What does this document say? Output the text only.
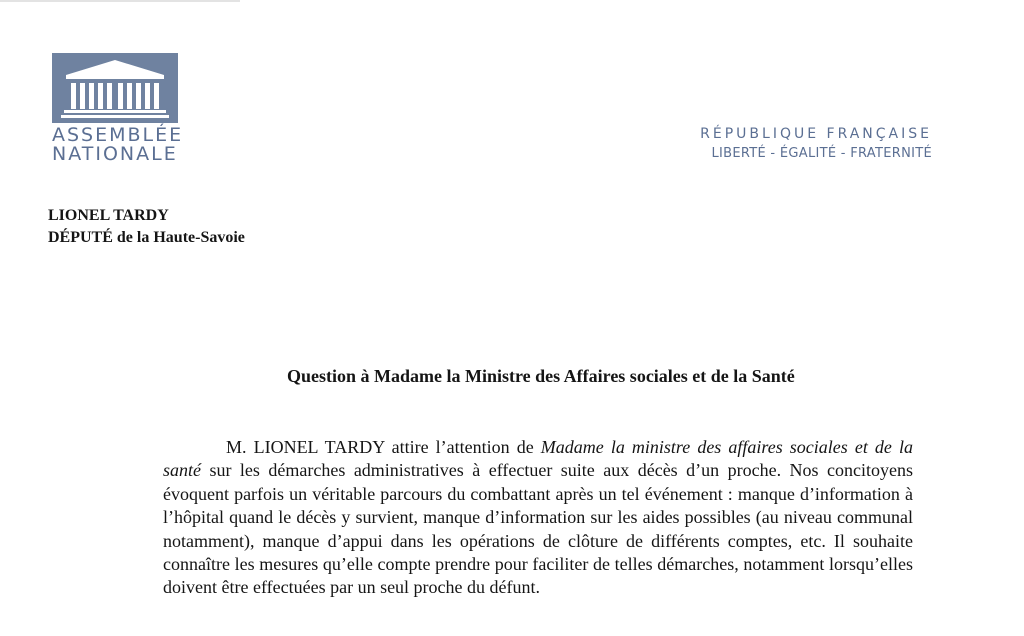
ASSEMBLÉE
NATIONALE
RÉPUBLIQUE FRANÇAISE
LIBERTÉ - ÉGALITÉ - FRATERNITÉ
LIONEL TARDY
DÉPUTÉ de la Haute-Savoie
Question à Madame la Ministre des Affaires sociales et de la Santé
M. LIONEL TARDY attire l’attention de Madame la ministre des affaires sociales et de la santé sur les démarches administratives à effectuer suite aux décès d’un proche. Nos concitoyens évoquent parfois un véritable parcours du combattant après un tel événement : manque d’information à l’hôpital quand le décès y survient, manque d’information sur les aides possibles (au niveau communal notamment), manque d’appui dans les opérations de clôture de différents comptes, etc. Il souhaite connaître les mesures qu’elle compte prendre pour faciliter de telles démarches, notamment lorsqu’elles doivent être effectuées par un seul proche du défunt.
